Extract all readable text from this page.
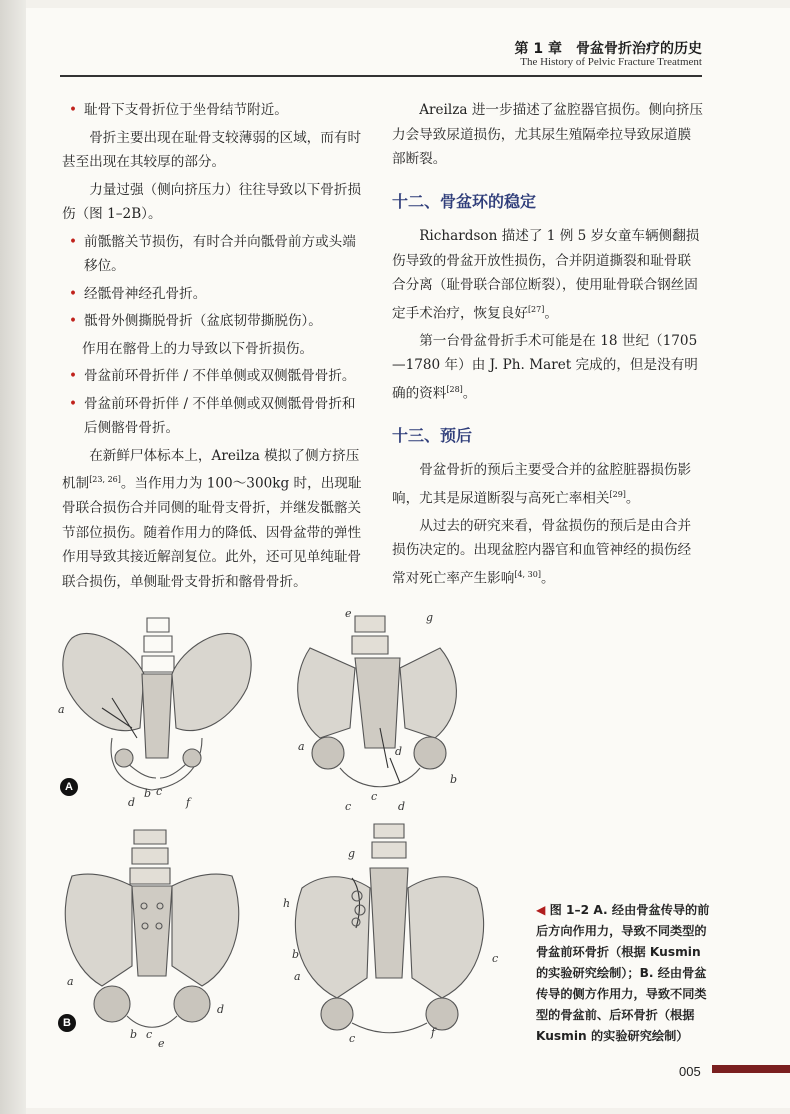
第 1 章　骨盆骨折治疗的历史
The History of Pelvic Fracture Treatment
• 耻骨下支骨折位于坐骨结节附近。

骨折主要出现在耻骨支较薄弱的区域，而有时甚至出现在其较厚的部分。

力量过强（侧向挤压力）往往导致以下骨折损伤（图 1–2B）。

• 前骶髂关节损伤，有时合并向骶骨前方或头端移位。
• 经骶骨神经孔骨折。
• 骶骨外侧撕脱骨折（盆底韧带撕脱伤）。
作用在髂骨上的力导致以下骨折损伤。
• 骨盆前环骨折伴 / 不伴单侧或双侧骶骨骨折。
• 骨盆前环骨折伴 / 不伴单侧或双侧骶骨骨折和后侧髂骨骨折。

在新鲜尸体标本上，Areilza 模拟了侧方挤压机制[23, 26]。当作用力为 100～300kg 时，出现耻骨联合损伤合并同侧的耻骨支骨折，并继发骶髂关节部位损伤。随着作用力的降低、因骨盆带的弹性作用导致其接近解剖复位。此外，还可见单纯耻骨联合损伤，单侧耻骨支骨折和髂骨骨折。

Areilza 进一步描述了盆腔器官损伤。侧向挤压力会导致尿道损伤，尤其尿生殖隔牵拉导致尿道膜部断裂。

十二、骨盆环的稳定

Richardson 描述了 1 例 5 岁女童车辆侧翻损伤导致的骨盆开放性损伤，合并阴道撕裂和耻骨联合分离（耻骨联合部位断裂），使用耻骨联合钢丝固定手术治疗，恢复良好[27]。

第一台骨盆骨折手术可能是在 18 世纪（1705—1780 年）由 J. Ph. Maret 完成的，但是没有明确的资料[28]。

十三、预后

骨盆骨折的预后主要受合并的盆腔脏器损伤影响，尤其是尿道断裂与高死亡率相关[29]。

从过去的研究来看，骨盆损伤的预后是由合并损伤决定的。出现盆腔内器官和血管神经的损伤经常对死亡率产生影响[4, 30]。

a
b c
d	f
A
e	g
a
c
c
d
d
b
a
b c
d
e
B
g
h
b
a
c
c	f
◀ 图 1–2 A. 经由骨盆传导的前后方向作用力，导致不同类型的骨盆前环骨折（根据 Kusmin 的实验研究绘制）；B. 经由骨盆传导的侧方作用力，导致不同类型的骨盆前、后环骨折（根据 Kusmin 的实验研究绘制）
005
